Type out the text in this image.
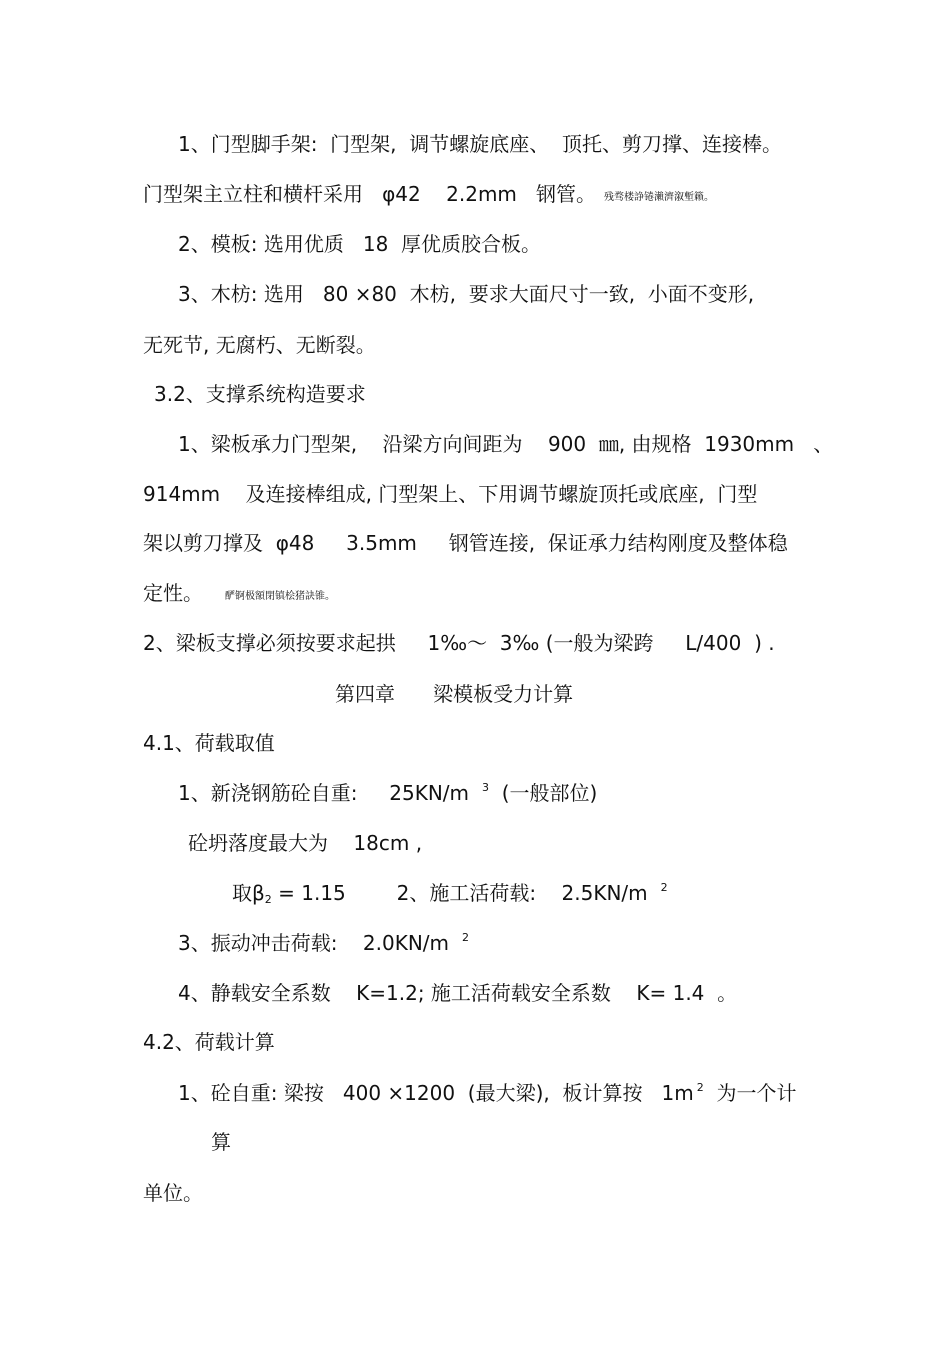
1、门型脚手架:  门型架,  调节螺旋底座、  顶托、剪刀撑、连接棒。
门型架主立柱和横杆采用   φ42    2.2mm   钢管。 残骛楼諍锩瀨濟溆塹籟。
2、模板: 选用优质   18  厚优质胶合板。
3、木枋: 选用   80 ×80  木枋,  要求大面尺寸一致,  小面不变形,
无死节, 无腐朽、无断裂。
3.2、支撑系统构造要求
1、梁板承力门型架,    沿梁方向间距为    900  ㎜, 由规格  1930mm   、
914mm    及连接棒组成, 门型架上、下用调节螺旋顶托或底座,  门型
架以剪刀撑及  φ48     3.5mm     钢管连接,  保证承力结构刚度及整体稳
定性。 酽锕极額閉镇桧猪訣锥。
2、梁板支撑必须按要求起拱     1‰～  3‰ (一般为梁跨     L/400  ) .
第四章      梁模板受力计算
4.1、荷载取值
1、新浇钢筋砼自重:     25KN/m $^3$  (一般部位)
砼坍落度最大为    18cm ,
取$\beta_2 = 1.15$        2、施工活荷载:    2.5KN/m $^2$
3、振动冲击荷载:    2.0KN/m $^2$
4、静载安全系数    K=1.2; 施工活荷载安全系数    K= 1.4  。
4.2、荷载计算
1、砼自重: 梁按   400 ×1200  (最大梁),  板计算按   1m $^2$  为一个计
算
单位。
